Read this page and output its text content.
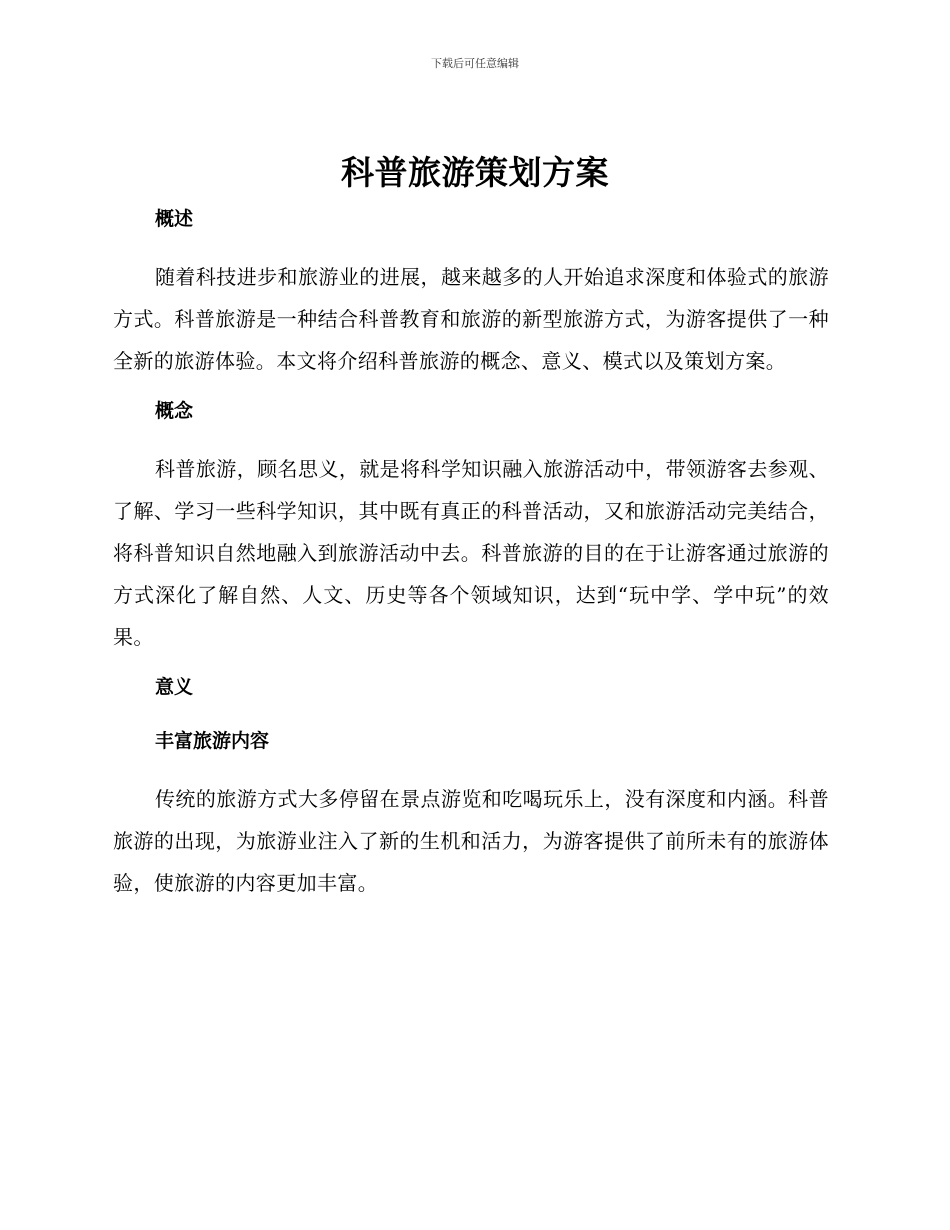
下载后可任意编辑

科普旅游策划方案
概述

随着科技进步和旅游业的进展，越来越多的人开始追求深度和体验式的旅游方式。科普旅游是一种结合科普教育和旅游的新型旅游方式，为游客提供了一种全新的旅游体验。本文将介绍科普旅游的概念、意义、模式以及策划方案。

概念

科普旅游，顾名思义，就是将科学知识融入旅游活动中，带领游客去参观、了解、学习一些科学知识，其中既有真正的科普活动，又和旅游活动完美结合，将科普知识自然地融入到旅游活动中去。科普旅游的目的在于让游客通过旅游的方式深化了解自然、人文、历史等各个领域知识，达到“玩中学、学中玩”的效果。

意义
丰富旅游内容

传统的旅游方式大多停留在景点游览和吃喝玩乐上，没有深度和内涵。科普旅游的出现，为旅游业注入了新的生机和活力，为游客提供了前所未有的旅游体验，使旅游的内容更加丰富。
